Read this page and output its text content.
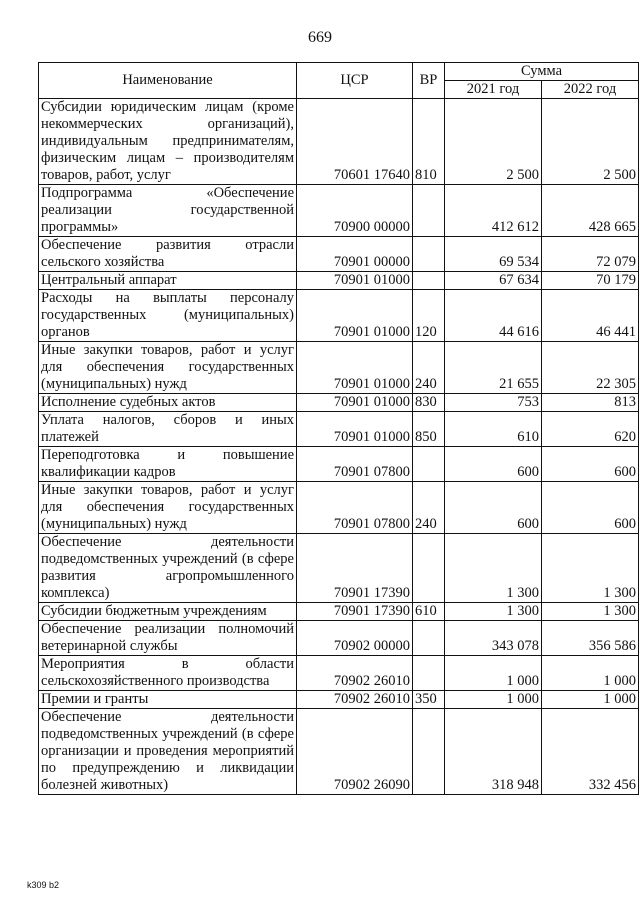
669
Наименование	ЦСР	ВР	Сумма	
			2021 год	2022 год
Субсидии юридическим лицам (кроме некоммерческих организаций), индивидуальным предпринимателям, физическим лицам – производителям товаров, работ, услуг	70601 17640	810	2 500	2 500
Подпрограмма «Обеспечение реализации государственной программы»	70900 00000		412 612	428 665
Обеспечение развития отрасли сельского хозяйства	70901 00000		69 534	72 079
Центральный аппарат	70901 01000		67 634	70 179
Расходы на выплаты персоналу государственных (муниципальных) органов	70901 01000	120	44 616	46 441
Иные закупки товаров, работ и услуг для обеспечения государственных (муниципальных) нужд	70901 01000	240	21 655	22 305
Исполнение судебных актов	70901 01000	830	753	813
Уплата налогов, сборов и иных платежей	70901 01000	850	610	620
Переподготовка и повышение квалификации кадров	70901 07800		600	600
Иные закупки товаров, работ и услуг для обеспечения государственных (муниципальных) нужд	70901 07800	240	600	600
Обеспечение деятельности подведомственных учреждений (в сфере развития агропромышленного комплекса)	70901 17390		1 300	1 300
Субсидии бюджетным учреждениям	70901 17390	610	1 300	1 300
Обеспечение реализации полномочий ветеринарной службы	70902 00000		343 078	356 586
Мероприятия в области сельскохозяйственного производства	70902 26010		1 000	1 000
Премии и гранты	70902 26010	350	1 000	1 000
Обеспечение деятельности подведомственных учреждений (в сфере организации и проведения мероприятий по предупреждению и ликвидации болезней животных)	70902 26090		318 948	332 456
k309 b2
